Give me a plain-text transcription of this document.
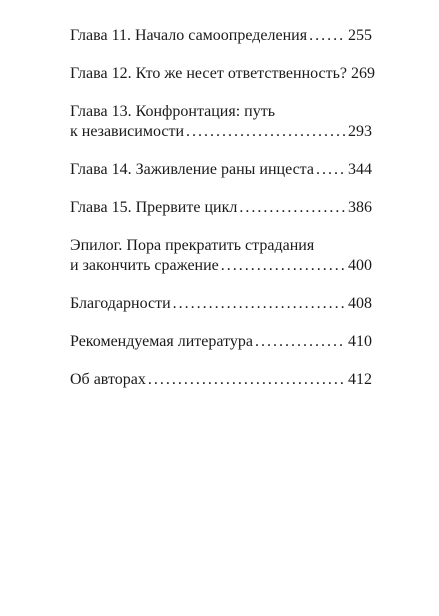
Глава 11. Начало самоопределения . . .	255
Глава 12. Кто же несет ответственность? 269
Глава 13. Конфронтация: путь
к независимости . . .	293
Глава 14. Заживление раны инцеста . . . 344
Глава 15. Прервите цикл . . .	386
Эпилог. Пора прекратить страдания
и закончить сражение . . .	400
Благодарности . . .	408
Рекомендуемая литература . . .	410
Об авторах . . .	412
